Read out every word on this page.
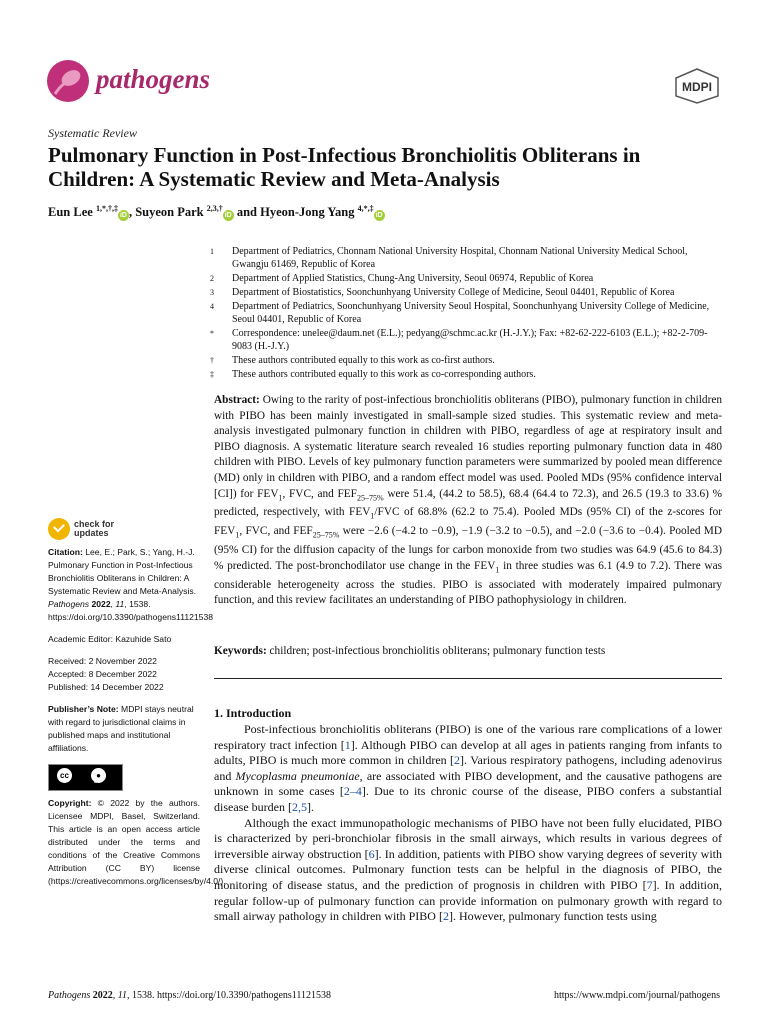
pathogens	MDPI
Systematic Review
Pulmonary Function in Post-Infectious Bronchiolitis Obliterans in Children: A Systematic Review and Meta-Analysis
Eun Lee $^{1,*,\dagger,\ddagger}$iD , Suyeon Park $^{2,3,\dagger}$iD and Hyeon-Jong Yang $^{4,*,\ddagger}$iD
1 Department of Pediatrics, Chonnam National University Hospital, Chonnam National University Medical School, Gwangju 61469, Republic of Korea
2 Department of Applied Statistics, Chung-Ang University, Seoul 06974, Republic of Korea
3 Department of Biostatistics, Soonchunhyang University College of Medicine, Seoul 04401, Republic of Korea
4 Department of Pediatrics, Soonchunhyang University Seoul Hospital, Soonchunhyang University College of Medicine, Seoul 04401, Republic of Korea
* Correspondence: unelee@daum.net (E.L.); pedyang@schmc.ac.kr (H.-J.Y.); Fax: +82-62-222-6103 (E.L.); +82-2-709-9083 (H.-J.Y.)
† These authors contributed equally to this work as co-first authors.
‡ These authors contributed equally to this work as co-corresponding authors.
Abstract: Owing to the rarity of post-infectious bronchiolitis obliterans (PIBO), pulmonary function in children with PIBO has been mainly investigated in small-sample sized studies. This systematic review and meta-analysis investigated pulmonary function in children with PIBO, regardless of age at respiratory insult and PIBO diagnosis. A systematic literature search revealed 16 studies reporting pulmonary function data in 480 children with PIBO. Levels of key pulmonary function parameters were summarized by pooled mean difference (MD) only in children with PIBO, and a random effect model was used. Pooled MDs (95% confidence interval [CI]) for $FEV_1$, FVC, and $FEF_{25-75\%}$ were 51.4, (44.2 to 58.5), 68.4 (64.4 to 72.3), and 26.5 (19.3 to 33.6) % predicted, respectively, with $FEV_1$/FVC of 68.8% (62.2 to 75.4). Pooled MDs (95% CI) of the z-scores for $FEV_1$, FVC, and $FEF_{25-75\%}$ were −2.6 (−4.2 to −0.9), −1.9 (−3.2 to −0.5), and −2.0 (−3.6 to −0.4). Pooled MD (95% CI) for the diffusion capacity of the lungs for carbon monoxide from two studies was 64.9 (45.6 to 84.3) % predicted. The post-bronchodilator use change in the $FEV_1$ in three studies was 6.1 (4.9 to 7.2). There was considerable heterogeneity across the studies. PIBO is associated with moderately impaired pulmonary function, and this review facilitates an understanding of PIBO pathophysiology in children.
Keywords: children; post-infectious bronchiolitis obliterans; pulmonary function tests
1. Introduction

Post-infectious bronchiolitis obliterans (PIBO) is one of the various rare complications of a lower respiratory tract infection [1]. Although PIBO can develop at all ages in patients ranging from infants to adults, PIBO is much more common in children [2]. Various respiratory pathogens, including adenovirus and Mycoplasma pneumoniae, are associated with PIBO development, and the causative pathogens are unknown in some cases [2–4]. Due to its chronic course of the disease, PIBO confers a substantial disease burden [2,5].

Although the exact immunopathologic mechanisms of PIBO have not been fully elucidated, PIBO is characterized by peri-bronchiolar fibrosis in the small airways, which results in various degrees of irreversible airway obstruction [6]. In addition, patients with PIBO show varying degrees of severity with diverse clinical outcomes. Pulmonary function tests can be helpful in the diagnosis of PIBO, the monitoring of disease status, and the prediction of prognosis in children with PIBO [7]. In addition, regular follow-up of pulmonary function can provide information on pulmonary growth with regard to small airway pathology in children with PIBO [2]. However, pulmonary function tests using

check for
updates
Citation: Lee, E.; Park, S.; Yang, H.-J. Pulmonary Function in Post-Infectious Bronchiolitis Obliterans in Children: A Systematic Review and Meta-Analysis. Pathogens 2022, 11, 1538. https://doi.org/10.3390/pathogens11121538
Academic Editor: Kazuhide Sato
Received: 2 November 2022
Accepted: 8 December 2022
Published: 14 December 2022
Publisher’s Note: MDPI stays neutral with regard to jurisdictional claims in published maps and institutional affiliations.
cc	●
BY
Copyright: © 2022 by the authors. Licensee MDPI, Basel, Switzerland. This article is an open access article distributed under the terms and conditions of the Creative Commons Attribution (CC BY) license (https://creativecommons.org/licenses/by/4.0/).
Pathogens 2022, 11, 1538. https://doi.org/10.3390/pathogens11121538	https://www.mdpi.com/journal/pathogens
